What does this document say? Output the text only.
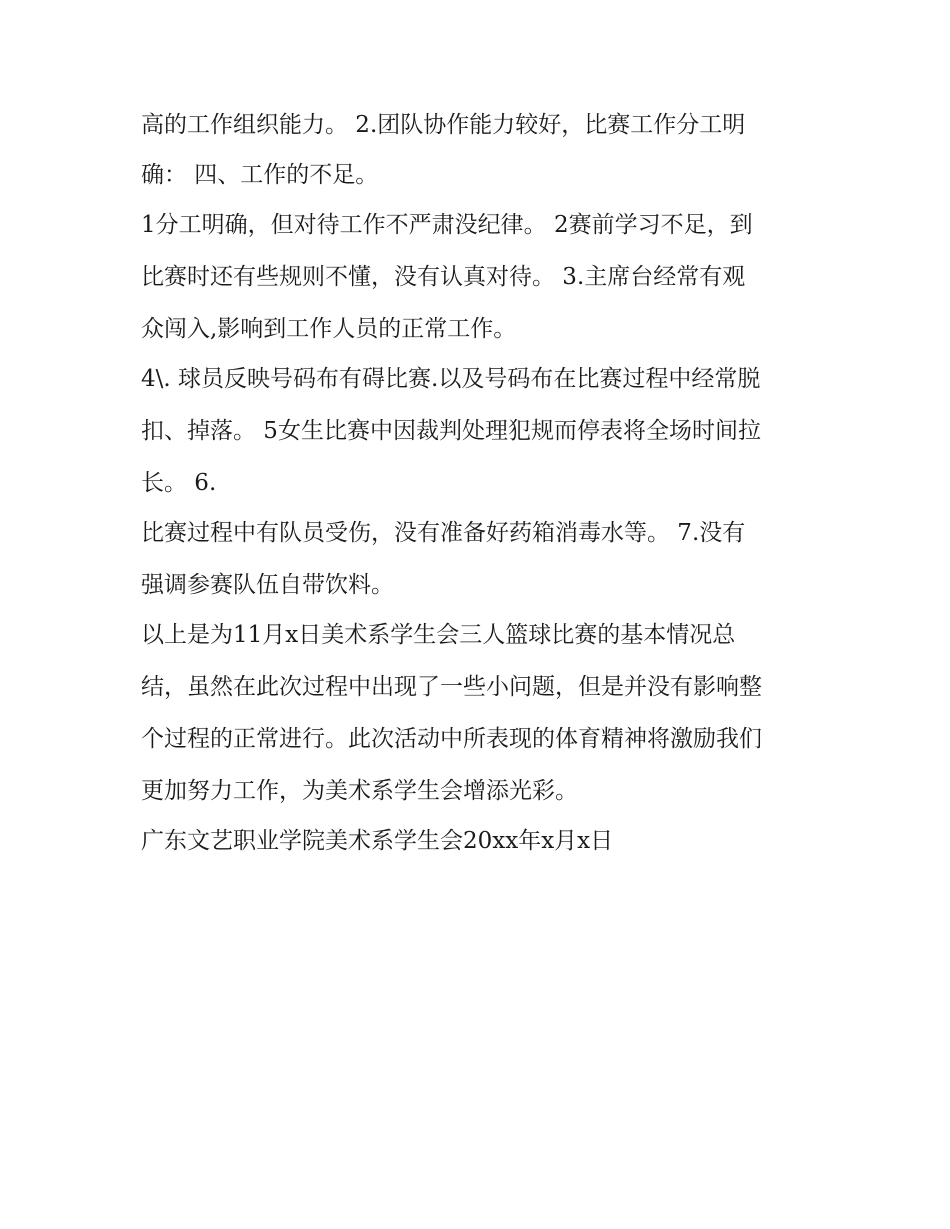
高的工作组织能力。 2.团队协作能力较好，比赛工作分工明
确： 四、工作的不足。
1分工明确，但对待工作不严肃没纪律。 2赛前学习不足，到
比赛时还有些规则不懂，没有认真对待。 3.主席台经常有观
众闯入,影响到工作人员的正常工作。
4\. 球员反映号码布有碍比赛.以及号码布在比赛过程中经常脱
扣、掉落。 5女生比赛中因裁判处理犯规而停表将全场时间拉
长。 6.
比赛过程中有队员受伤，没有准备好药箱消毒水等。 7.没有
强调参赛队伍自带饮料。
以上是为11月x日美术系学生会三人篮球比赛的基本情况总
结，虽然在此次过程中出现了一些小问题，但是并没有影响整
个过程的正常进行。此次活动中所表现的体育精神将激励我们
更加努力工作，为美术系学生会增添光彩。
广东文艺职业学院美术系学生会20xx年x月x日
